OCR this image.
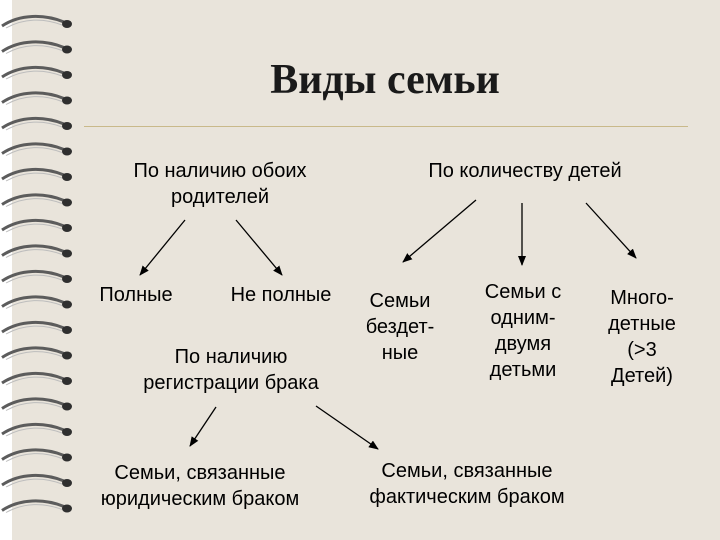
Виды семьи
По наличию обоих
родителей
По количеству детей
Полные	Не полные
По наличию
регистрации брака
Семьи
бездет-
ные
Семьи с
одним-
двумя
детьми
Много-
детные
(>3
Детей)
Семьи, связанные
юридическим браком
Семьи, связанные
фактическим браком
